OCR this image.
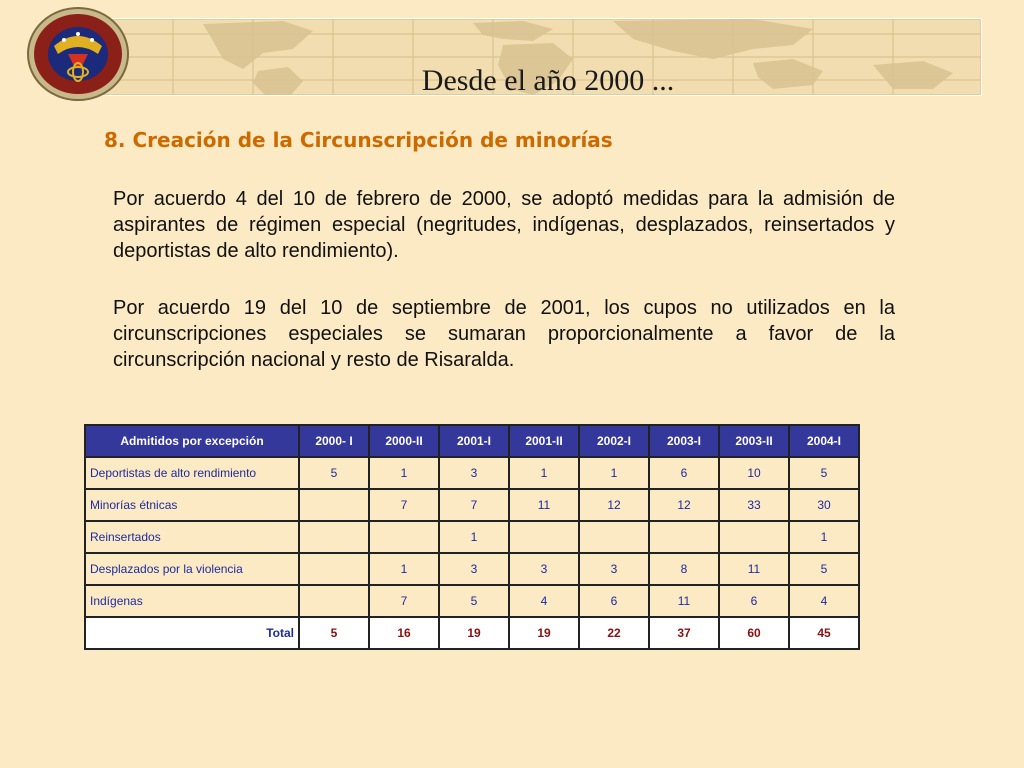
Desde el año 2000 ...
8. Creación de la Circunscripción de minorías

Por acuerdo 4 del 10 de febrero de 2000, se adoptó medidas para la admisión de aspirantes de régimen especial (negritudes, indígenas, desplazados, reinsertados y deportistas de alto rendimiento).

Por acuerdo 19 del 10 de septiembre de 2001, los cupos no utilizados en la circunscripciones especiales se sumaran proporcionalmente a favor de la circunscripción nacional y resto de Risaralda.

Admitidos por excepción	2000- I	2000-II	2001-I	2001-II	2002-I	2003-I	2003-II	2004-I
Deportistas de alto rendimiento	5	1	3	1	1	6	10	5
Minorías étnicas		7	7	11	12	12	33	30
Reinsertados			1					1
Desplazados por la violencia		1	3	3	3	8	11	5
Indígenas		7	5	4	6	11	6	4
Total	5	16	19	19	22	37	60	45
